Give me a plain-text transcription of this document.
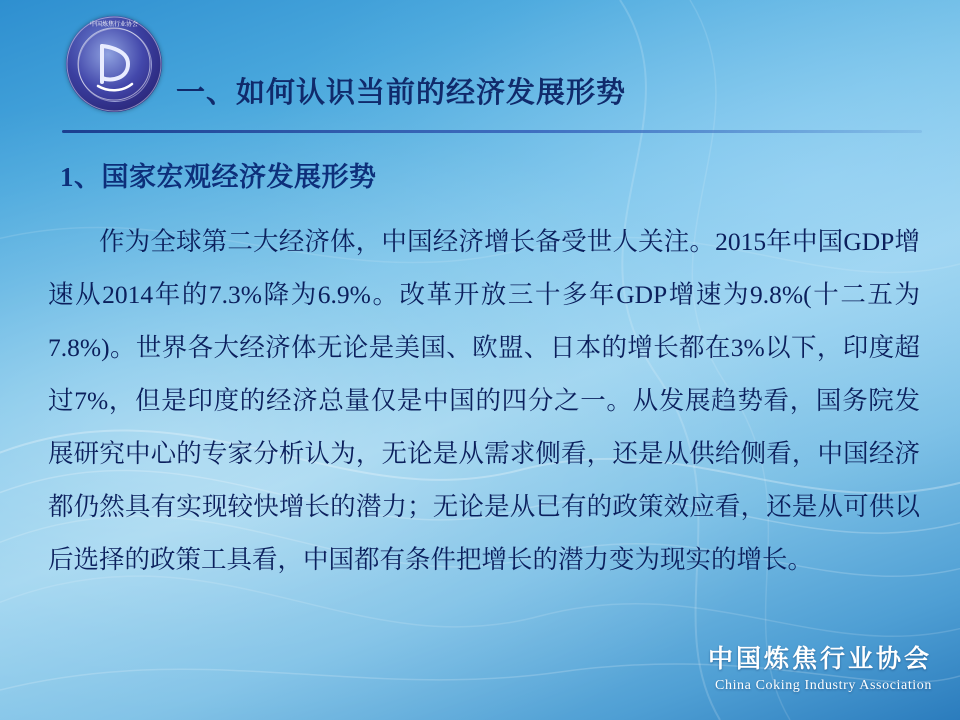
一、如何认识当前的经济发展形势
中国炼焦行业协会
1、国家宏观经济发展形势
作为全球第二大经济体，中国经济增长备受世人关注。2015年中国GDP增速从2014年的7.3%降为6.9%。改革开放三十多年GDP增速为9.8%(十二五为7.8%)。世界各大经济体无论是美国、欧盟、日本的增长都在3%以下，印度超过7%，但是印度的经济总量仅是中国的四分之一。从发展趋势看，国务院发展研究中心的专家分析认为，无论是从需求侧看，还是从供给侧看，中国经济都仍然具有实现较快增长的潜力；无论是从已有的政策效应看，还是从可供以后选择的政策工具看，中国都有条件把增长的潜力变为现实的增长。
中国炼焦行业协会
China Coking Industry Association
